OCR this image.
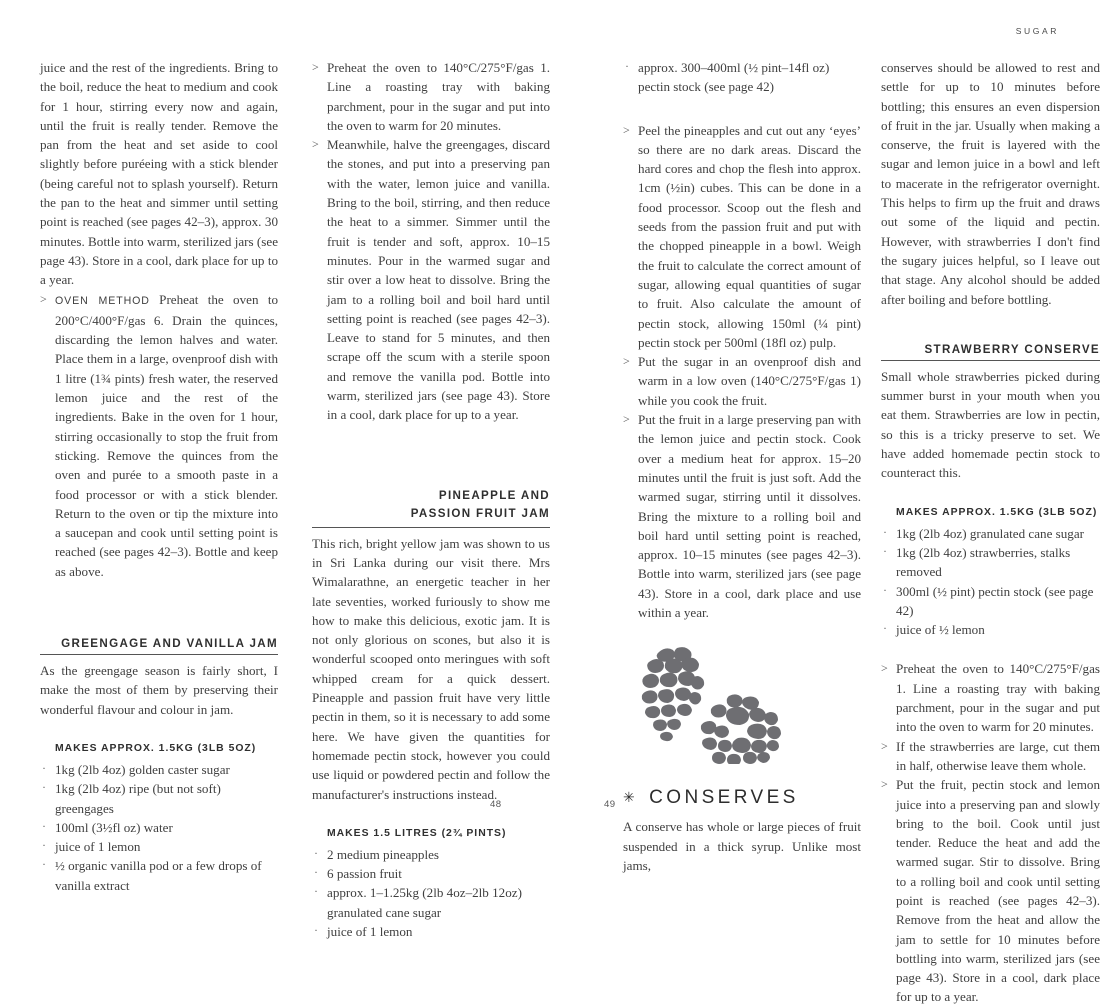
SUGAR

juice and the rest of the ingredients. Bring to the boil, reduce the heat to medium and cook for 1 hour, stirring every now and again, until the fruit is really tender. Remove the pan from the heat and set aside to cool slightly before puréeing with a stick blender (being careful not to splash yourself). Return the pan to the heat and simmer until setting point is reached (see pages 42–3), approx. 30 minutes. Bottle into warm, sterilized jars (see page 43). Store in a cool, dark place for up to a year.

> OVEN METHOD Preheat the oven to 200°C/400°F/gas 6. Drain the quinces, discarding the lemon halves and water. Place them in a large, ovenproof dish with 1 litre (1¾ pints) fresh water, the reserved lemon juice and the rest of the ingredients. Bake in the oven for 1 hour, stirring occasionally to stop the fruit from sticking. Remove the quinces from the oven and purée to a smooth paste in a food processor or with a stick blender. Return to the oven or tip the mixture into a saucepan and cook until setting point is reached (see pages 42–3). Bottle and keep as above.
GREENGAGE AND VANILLA JAM

As the greengage season is fairly short, I make the most of them by preserving their wonderful flavour and colour in jam.

MAKES APPROX. 1.5KG (3LB 5OZ)
· 1kg (2lb 4oz) golden caster sugar
· 1kg (2lb 4oz) ripe (but not soft) greengages
· 100ml (3½fl oz) water
· juice of 1 lemon
· ½ organic vanilla pod or a few drops of vanilla extract
> Preheat the oven to 140°C/275°F/gas 1. Line a roasting tray with baking parchment, pour in the sugar and put into the oven to warm for 20 minutes.
> Meanwhile, halve the greengages, discard the stones, and put into a preserving pan with the water, lemon juice and vanilla. Bring to the boil, stirring, and then reduce the heat to a simmer. Simmer until the fruit is tender and soft, approx. 10–15 minutes. Pour in the warmed sugar and stir over a low heat to dissolve. Bring the jam to a rolling boil and boil hard until setting point is reached (see pages 42–3). Leave to stand for 5 minutes, and then scrape off the scum with a sterile spoon and remove the vanilla pod. Bottle into warm, sterilized jars (see page 43). Store in a cool, dark place for up to a year.
PINEAPPLE AND
PASSION FRUIT JAM

This rich, bright yellow jam was shown to us in Sri Lanka during our visit there. Mrs Wimalarathne, an energetic teacher in her late seventies, worked furiously to show me how to make this delicious, exotic jam. It is not only glorious on scones, but also it is wonderful scooped onto meringues with soft whipped cream for a quick dessert. Pineapple and passion fruit have very little pectin in them, so it is necessary to add some here. We have given the quantities for homemade pectin stock, however you could use liquid or powdered pectin and follow the manufacturer's instructions instead.

MAKES 1.5 LITRES (2¾ PINTS)
· 2 medium pineapples
· 6 passion fruit
· approx. 1–1.25kg (2lb 4oz–2lb 12oz) granulated cane sugar
· juice of 1 lemon
· approx. 300–400ml (½ pint–14fl oz) pectin stock (see page 42)
> Peel the pineapples and cut out any ‘eyes’ so there are no dark areas. Discard the hard cores and chop the flesh into approx. 1cm (½in) cubes. This can be done in a food processor. Scoop out the flesh and seeds from the passion fruit and put with the chopped pineapple in a bowl. Weigh the fruit to calculate the correct amount of sugar, allowing equal quantities of sugar to fruit. Also calculate the amount of pectin stock, allowing 150ml (¼ pint) pectin stock per 500ml (18fl oz) pulp.
> Put the sugar in an ovenproof dish and warm in a low oven (140°C/275°F/gas 1) while you cook the fruit.
> Put the fruit in a large preserving pan with the lemon juice and pectin stock. Cook over a medium heat for approx. 15–20 minutes until the fruit is just soft. Add the warmed sugar, stirring until it dissolves. Bring the mixture to a rolling boil and boil hard until setting point is reached, approx. 10–15 minutes (see pages 42–3). Bottle into warm, sterilized jars (see page 43). Store in a cool, dark place and use within a year.
✳ CONSERVES

A conserve has whole or large pieces of fruit suspended in a thick syrup. Unlike most jams,

conserves should be allowed to rest and settle for up to 10 minutes before bottling; this ensures an even dispersion of fruit in the jar. Usually when making a conserve, the fruit is layered with the sugar and lemon juice in a bowl and left to macerate in the refrigerator overnight. This helps to firm up the fruit and draws out some of the liquid and pectin. However, with strawberries I don't find the sugary juices helpful, so I leave out that stage. Any alcohol should be added after boiling and before bottling.

STRAWBERRY CONSERVE

Small whole strawberries picked during summer burst in your mouth when you eat them. Strawberries are low in pectin, so this is a tricky preserve to set. We have added homemade pectin stock to counteract this.

MAKES APPROX. 1.5KG (3LB 5OZ)
· 1kg (2lb 4oz) granulated cane sugar
· 1kg (2lb 4oz) strawberries, stalks removed
· 300ml (½ pint) pectin stock (see page 42)
· juice of ½ lemon
> Preheat the oven to 140°C/275°F/gas 1. Line a roasting tray with baking parchment, pour in the sugar and put into the oven to warm for 20 minutes.
> If the strawberries are large, cut them in half, otherwise leave them whole.
> Put the fruit, pectin stock and lemon juice into a preserving pan and slowly bring to the boil. Cook until just tender. Reduce the heat and add the warmed sugar. Stir to dissolve. Bring to a rolling boil and cook until setting point is reached (see pages 42–3). Remove from the heat and allow the jam to settle for 10 minutes before bottling into warm, sterilized jars (see page 43). Store in a cool, dark place for up to a year.
48	49
